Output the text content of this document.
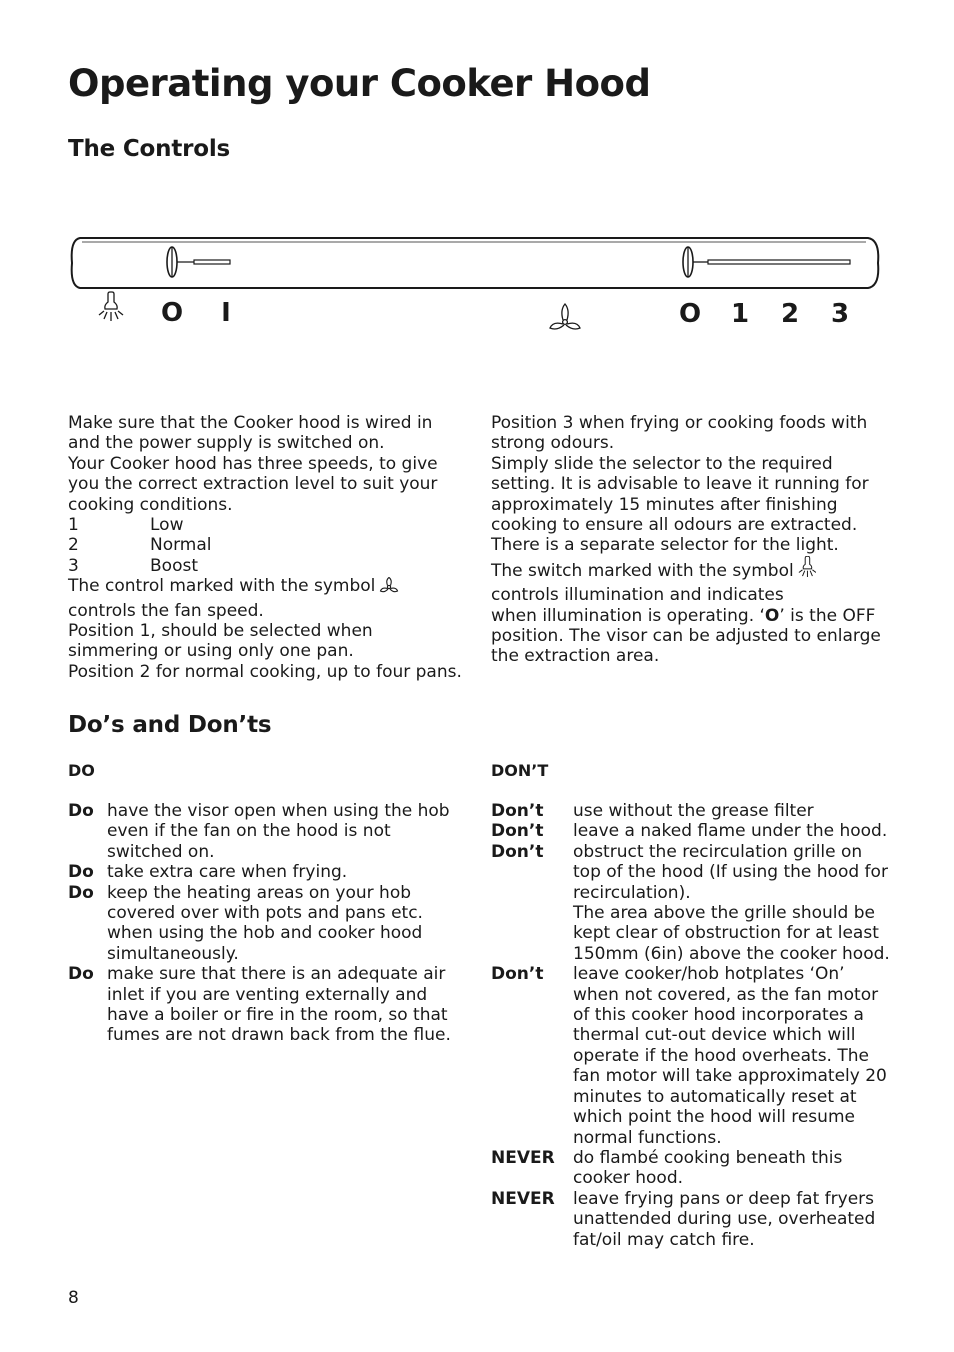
Operating your Cooker Hood
The Controls
O I	O 1 2 3

Make sure that the Cooker hood is wired in and the power supply is switched on.

Your Cooker hood has three speeds, to give you the correct extraction level to suit your cooking conditions.

1	Low
2	Normal
3	Boost

The control marked with the symbol
controls the fan speed.

Position 1, should be selected when simmering or using only one pan.

Position 2 for normal cooking, up to four pans.

Position 3 when frying or cooking foods with strong odours.

Simply slide the selector to the required setting. It is advisable to leave it running for approximately 15 minutes after finishing cooking to ensure all odours are extracted.

There is a separate selector for the light.

The switch marked with the symbol
controls illumination and indicates
when illumination is operating. ‘O’ is the OFF position. The visor can be adjusted to enlarge the extraction area.

Do’s and Don’ts
DO	DON’T
Do have the visor open when using the hob even if the fan on the hood is not switched on.
Do take extra care when frying.
Do keep the heating areas on your hob covered over with pots and pans etc. when using the hob and cooker hood simultaneously.
Do make sure that there is an adequate air inlet if you are venting externally and have a boiler or fire in the room, so that fumes are not drawn back from the flue.
Don’t	use without the grease filter
Don’t	leave a naked flame under the hood.
Don’t	obstruct the recirculation grille on top of the hood (If using the hood for recirculation).
The area above the grille should be kept clear of obstruction for at least 150mm (6in) above the cooker hood.
Don’t	leave cooker/hob hotplates ‘On’ when not covered, as the fan motor of this cooker hood incorporates a thermal cut-out device which will operate if the hood overheats. The fan motor will take approximately 20 minutes to automatically reset at which point the hood will resume normal functions.
NEVER	do flambé cooking beneath this cooker hood.
NEVER	leave frying pans or deep fat fryers unattended during use, overheated fat/oil may catch fire.
8
